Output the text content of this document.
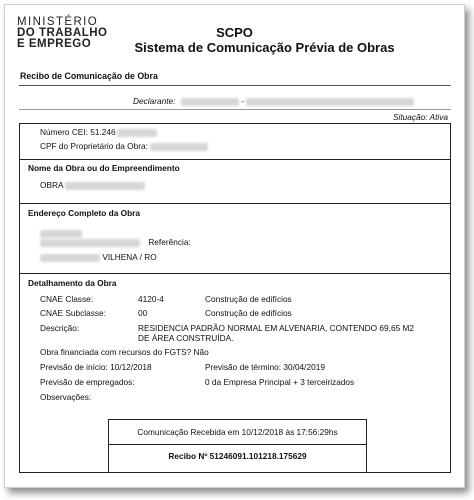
MINISTÉRIO
DO TRABALHO
E EMPREGO
SCPO
Sistema de Comunicação Prévia de Obras
Recibo de Comunicação de Obra
Declarante:	-
Situação: Ativa
Número CEI: 51.246
CPF do Proprietário da Obra:
Nome da Obra ou do Empreendimento
OBRA
Endereço Completo da Obra
Referência:
VILHENA / RO
Detalhamento da Obra
CNAE Classe:	4120-4	Construção de edifícios
CNAE Subclasse:	00	Construção de edifícios
Descrição:	RESIDENCIA PADRÃO NORMAL EM ALVENARIA, CONTENDO 69,65 M2
DE ÁREA CONSTRUÍDA.
Obra financiada com recursos do FGTS? Não
Previsão de início: 10/12/2018	Previsão de término: 30/04/2019
Previsão de empregados:	0 da Empresa Principal + 3 terceirizados
Observações:
Comunicação Recebida em 10/12/2018 às 17:56:29hs
Recibo Nº 51246091.101218.175629
